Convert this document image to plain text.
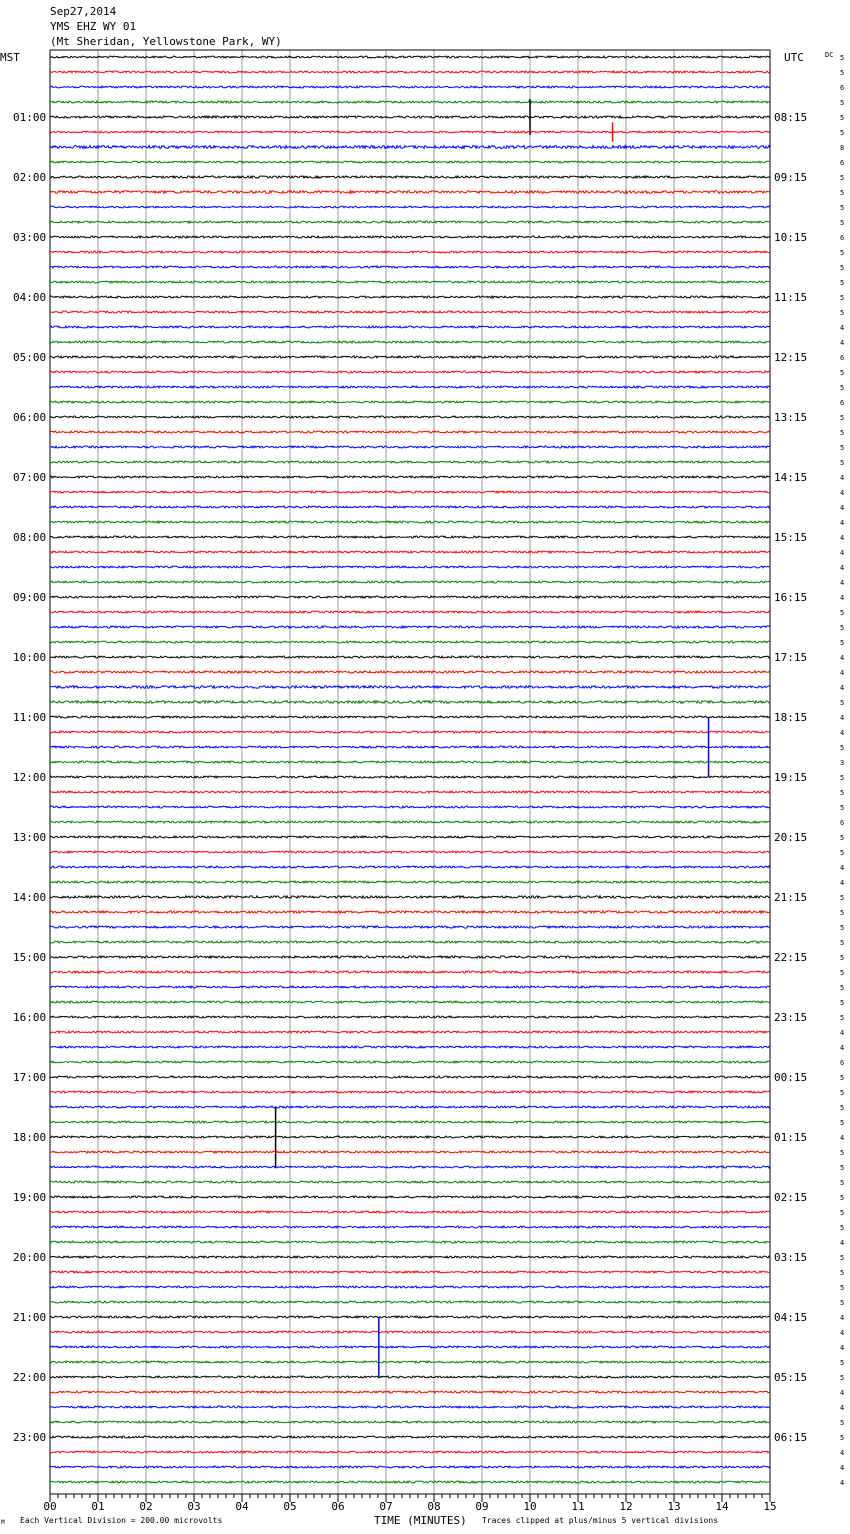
Sep27,2014
YMS EHZ WY 01
(Mt Sheridan, Yellowstone Park, WY)
MST	UTC	DC
01:00
02:00
03:00
04:00
05:00
06:00
07:00
08:00
09:00
10:00
11:00
12:00
13:00
14:00
15:00
16:00
17:00
18:00
19:00
20:00
21:00
22:00
23:00
08:15
09:15
10:15
11:15
12:15
13:15
14:15
15:15
16:15
17:15
18:15
19:15
20:15
21:15
22:15
23:15
00:15
01:15
02:15
03:15
04:15
05:15
06:15
5
5
6
5
5
5
8
6
5
5
5
5
6
5
5
5
5
5
4
4
6
5
5
6
5
5
5
5
4
4
4
4
4
4
4
4
4
5
5
5
4
4
4
5
4
4
5
3
5
5
5
6
5
5
4
4
5
5
5
5
5
5
5
5
5
4
4
6
5
5
5
5
4
5
5
5
5
5
5
4
5
5
5
5
4
4
4
5
5
4
4
5
5
4
4
4
00	01	02	03	04	05	06	07	08	09	10	11	12	13	14	15
M Each Vertical Division = 200.00 microvolts	TIME (MINUTES) Traces clipped at plus/minus 5 vertical divisions
